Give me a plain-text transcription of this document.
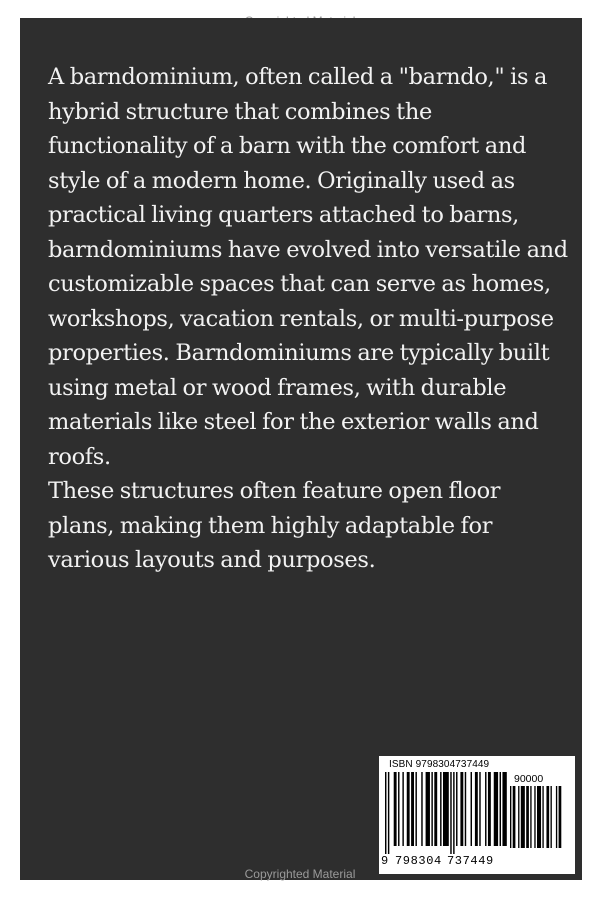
A barndominium, often called a "barndo," is a hybrid structure that combines the functionality of a barn with the comfort and style of a modern home. Originally used as practical living quarters attached to barns, barndominiums have evolved into versatile and customizable spaces that can serve as homes, workshops, vacation rentals, or multi-purpose properties. Barndominiums are typically built using metal or wood frames, with durable materials like steel for the exterior walls and roofs.

These structures often feature open floor plans, making them highly adaptable for various layouts and purposes.

ISBN 9798304737449
90000
9 798304 737449
Copyrighted Material
